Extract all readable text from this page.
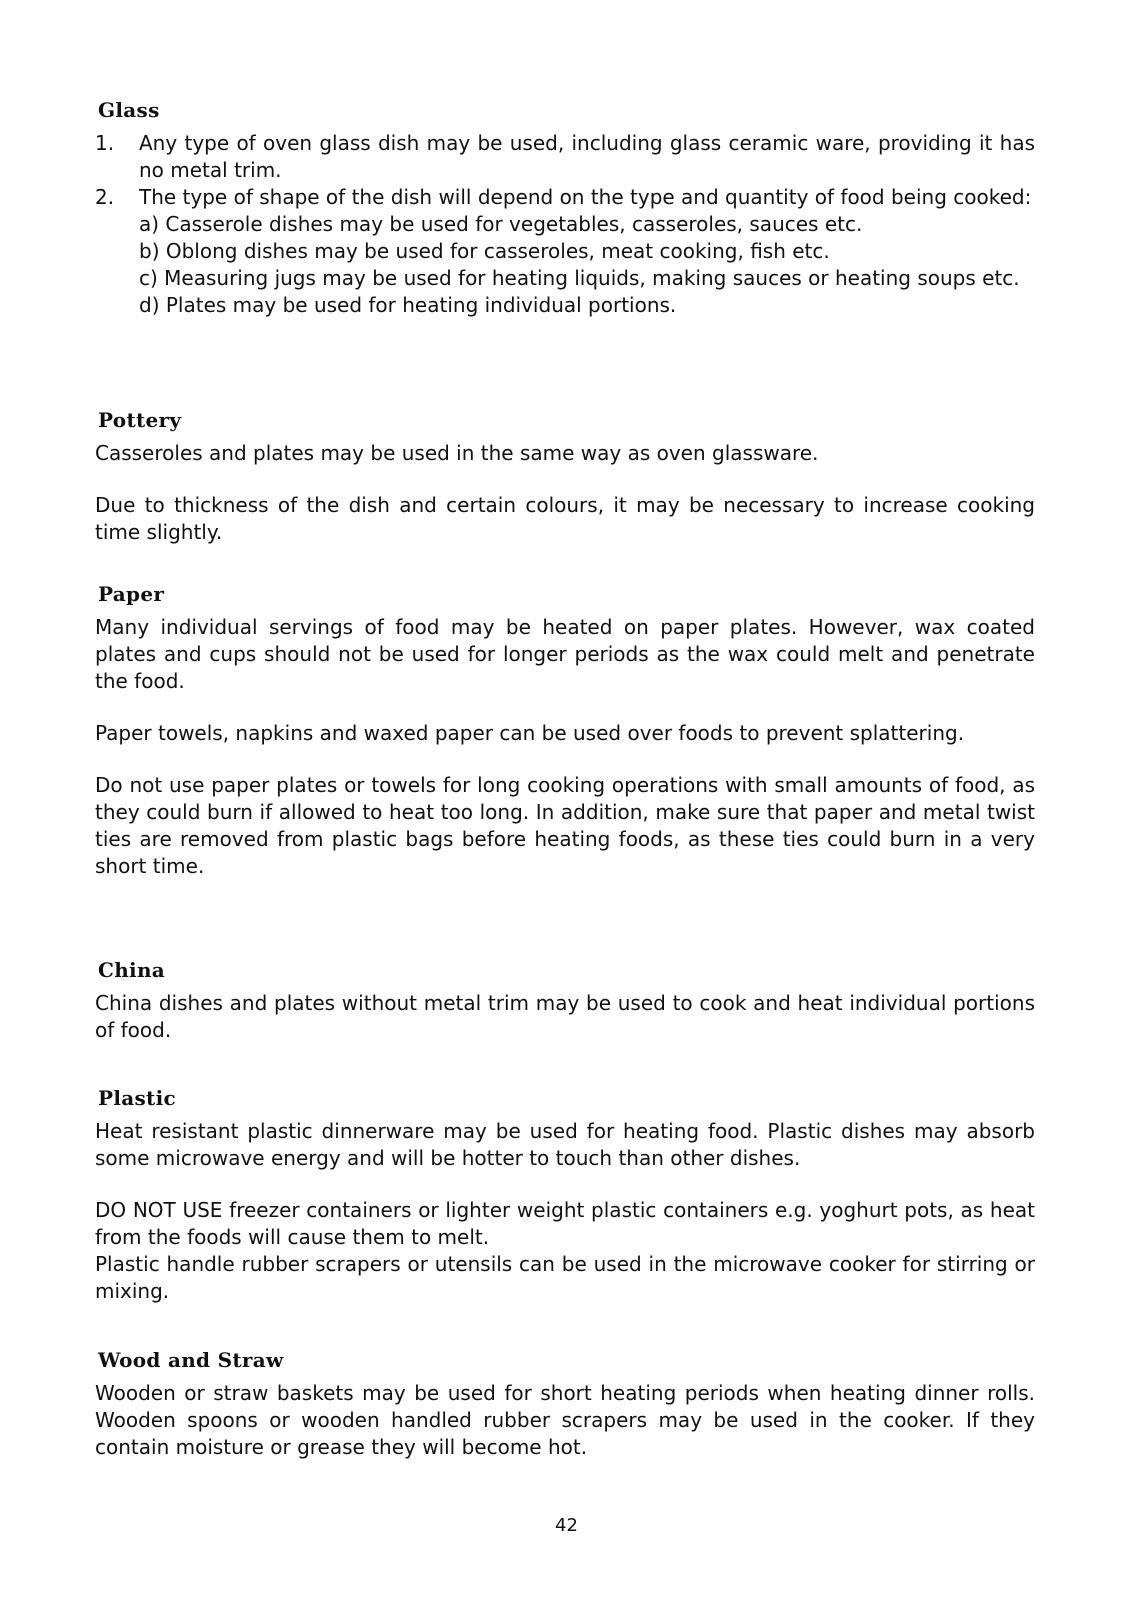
Glass
1. Any type of oven glass dish may be used, including glass ceramic ware, providing it has no metal trim.
2. The type of shape of the dish will depend on the type and quantity of food being cooked:
a) Casserole dishes may be used for vegetables, casseroles, sauces etc.
b) Oblong dishes may be used for casseroles, meat cooking, fish etc.
c) Measuring jugs may be used for heating liquids, making sauces or heating soups etc.
d) Plates may be used for heating individual portions.
Pottery

Casseroles and plates may be used in the same way as oven glassware.

Due to thickness of the dish and certain colours, it may be necessary to increase cooking time slightly.

Paper

Many individual servings of food may be heated on paper plates. However, wax coated plates and cups should not be used for longer periods as the wax could melt and penetrate the food.

Paper towels, napkins and waxed paper can be used over foods to prevent splattering.

Do not use paper plates or towels for long cooking operations with small amounts of food, as they could burn if allowed to heat too long. In addition, make sure that paper and metal twist ties are removed from plastic bags before heating foods, as these ties could burn in a very short time.

China

China dishes and plates without metal trim may be used to cook and heat individual portions of food.

Plastic

Heat resistant plastic dinnerware may be used for heating food. Plastic dishes may absorb some microwave energy and will be hotter to touch than other dishes.

DO NOT USE freezer containers or lighter weight plastic containers e.g. yoghurt pots, as heat from the foods will cause them to melt.

Plastic handle rubber scrapers or utensils can be used in the microwave cooker for stirring or mixing.

Wood and Straw

Wooden or straw baskets may be used for short heating periods when heating dinner rolls. Wooden spoons or wooden handled rubber scrapers may be used in the cooker. If they contain moisture or grease they will become hot.

42
